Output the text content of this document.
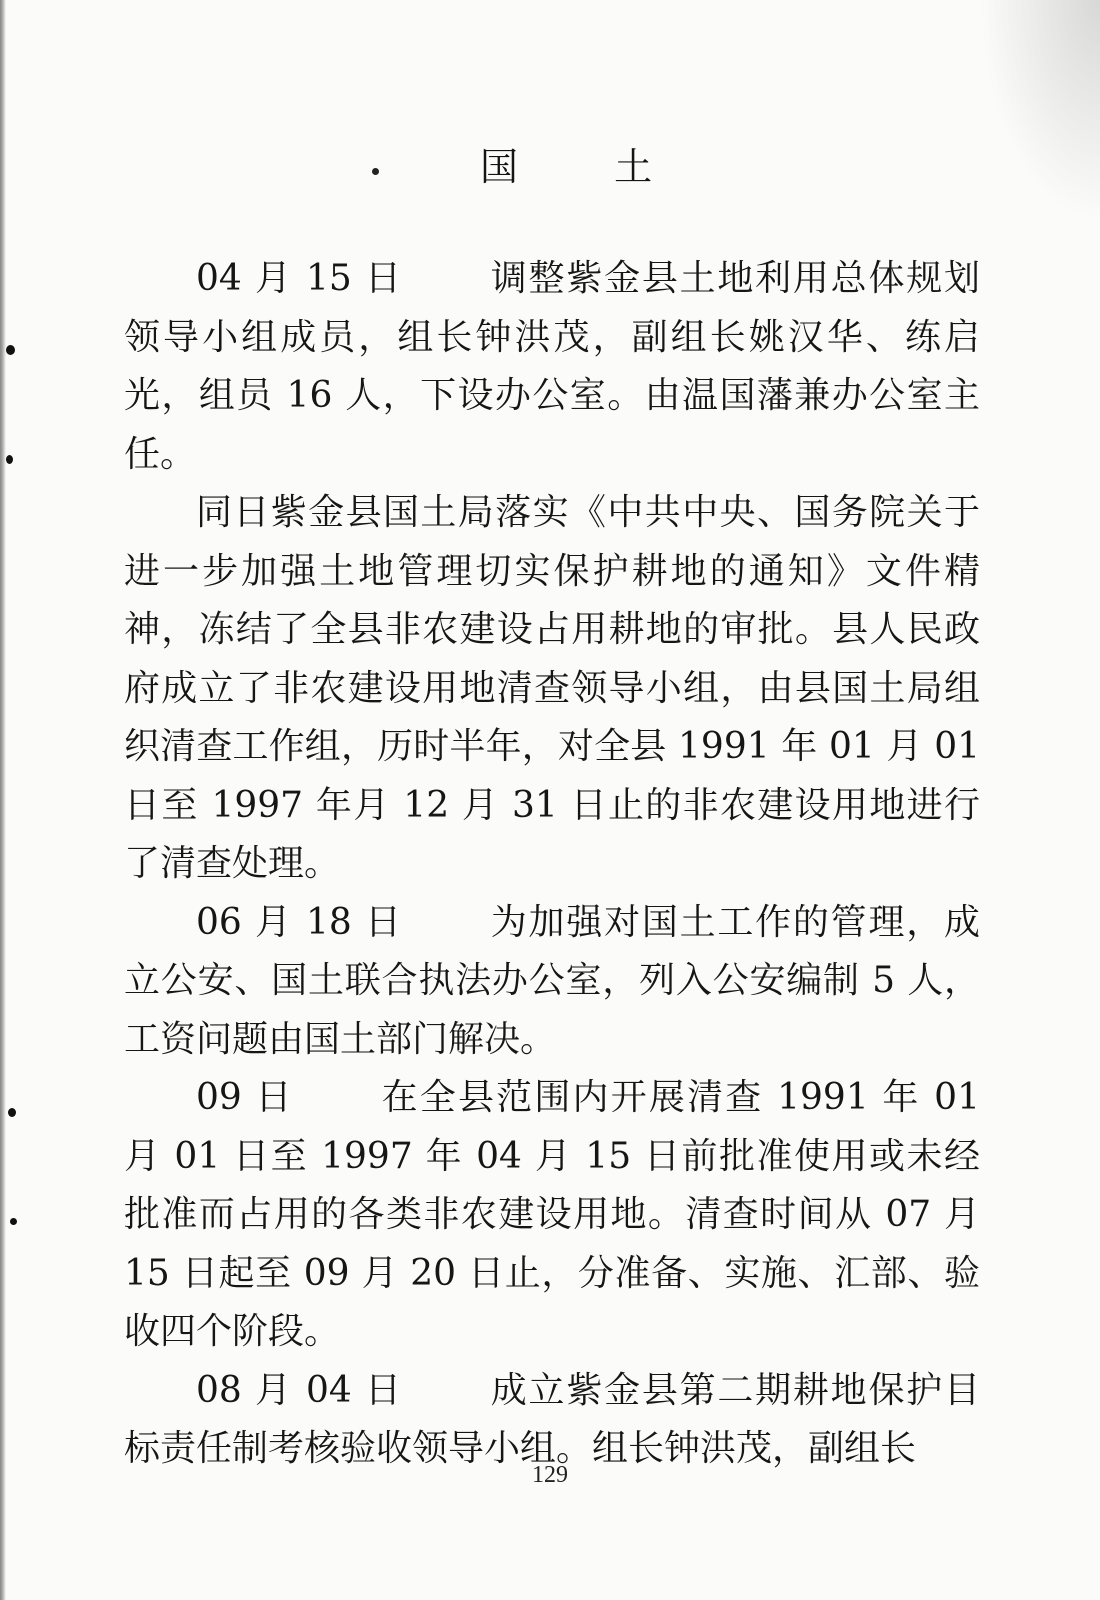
国 土

04 月 15 日 调整紫金县土地利用总体规划领导小组成员，组长钟洪茂，副组长姚汉华、练启光，组员 16 人，下设办公室。由温国藩兼办公室主任。

同日紫金县国土局落实《中共中央、国务院关于进一步加强土地管理切实保护耕地的通知》文件精神，冻结了全县非农建设占用耕地的审批。县人民政府成立了非农建设用地清查领导小组，由县国土局组织清查工作组，历时半年，对全县 1991 年 01 月 01 日至 1997 年月 12 月 31 日止的非农建设用地进行了清查处理。

06 月 18 日 为加强对国土工作的管理，成立公安、国土联合执法办公室，列入公安编制 5 人，工资问题由国土部门解决。

09 日 在全县范围内开展清查 1991 年 01 月 01 日至 1997 年 04 月 15 日前批准使用或未经批准而占用的各类非农建设用地。清查时间从 07 月 15 日起至 09 月 20 日止，分准备、实施、汇部、验收四个阶段。

08 月 04 日 成立紫金县第二期耕地保护目标责任制考核验收领导小组。组长钟洪茂，副组长

129
